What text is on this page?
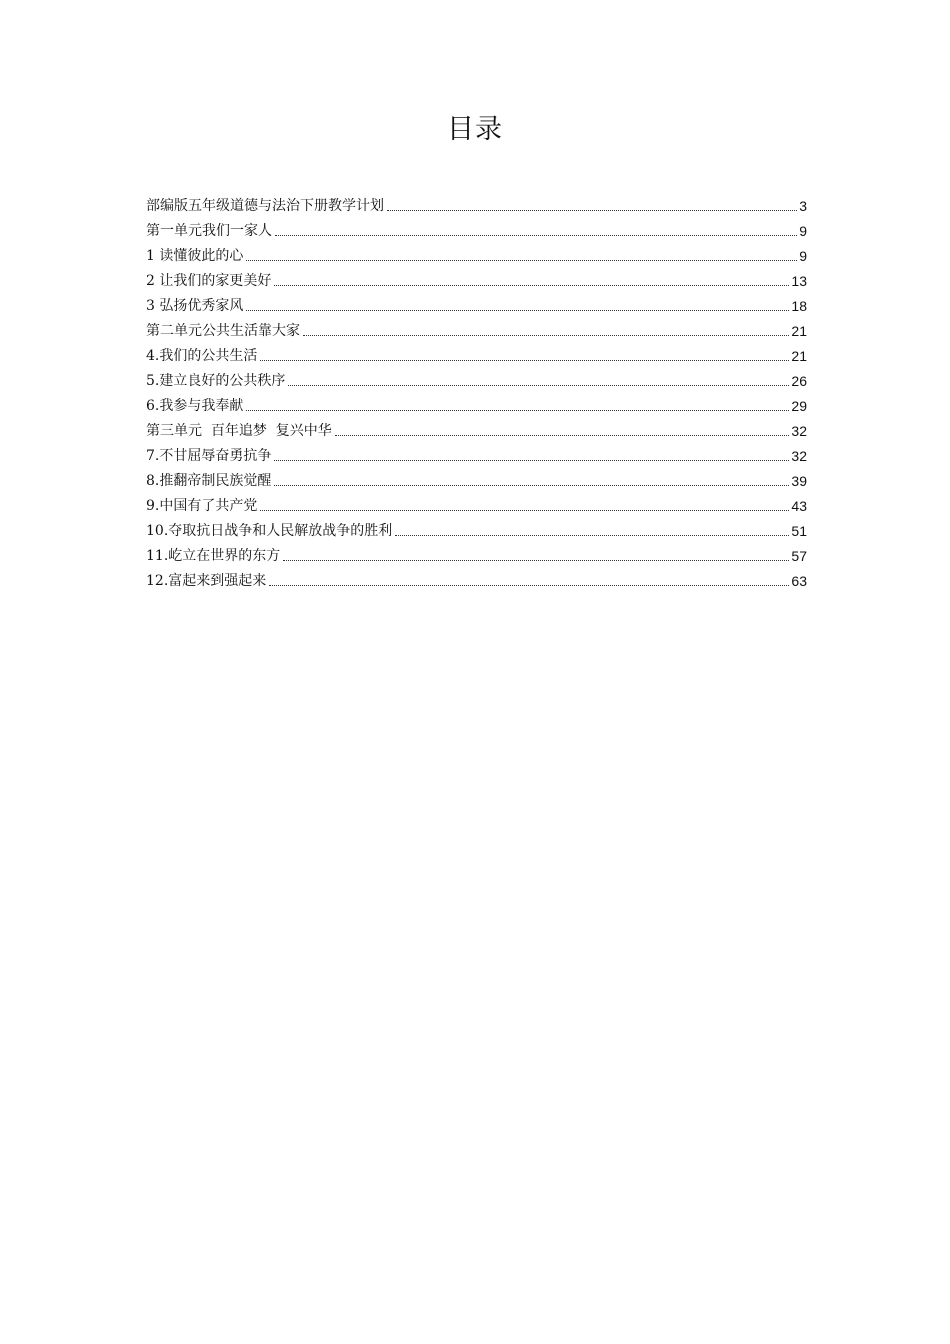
目录
部编版五年级道德与法治下册教学计划	3
第一单元我们一家人	9
1 读懂彼此的心	9
2 让我们的家更美好	13
3 弘扬优秀家风	18
第二单元公共生活靠大家	21
4.我们的公共生活	21
5.建立良好的公共秩序	26
6.我参与我奉献	29
第三单元  百年追梦  复兴中华	32
7.不甘屈辱奋勇抗争	32
8.推翻帝制民族觉醒	39
9.中国有了共产党	43
10.夺取抗日战争和人民解放战争的胜利	51
11.屹立在世界的东方	57
12.富起来到强起来	63
